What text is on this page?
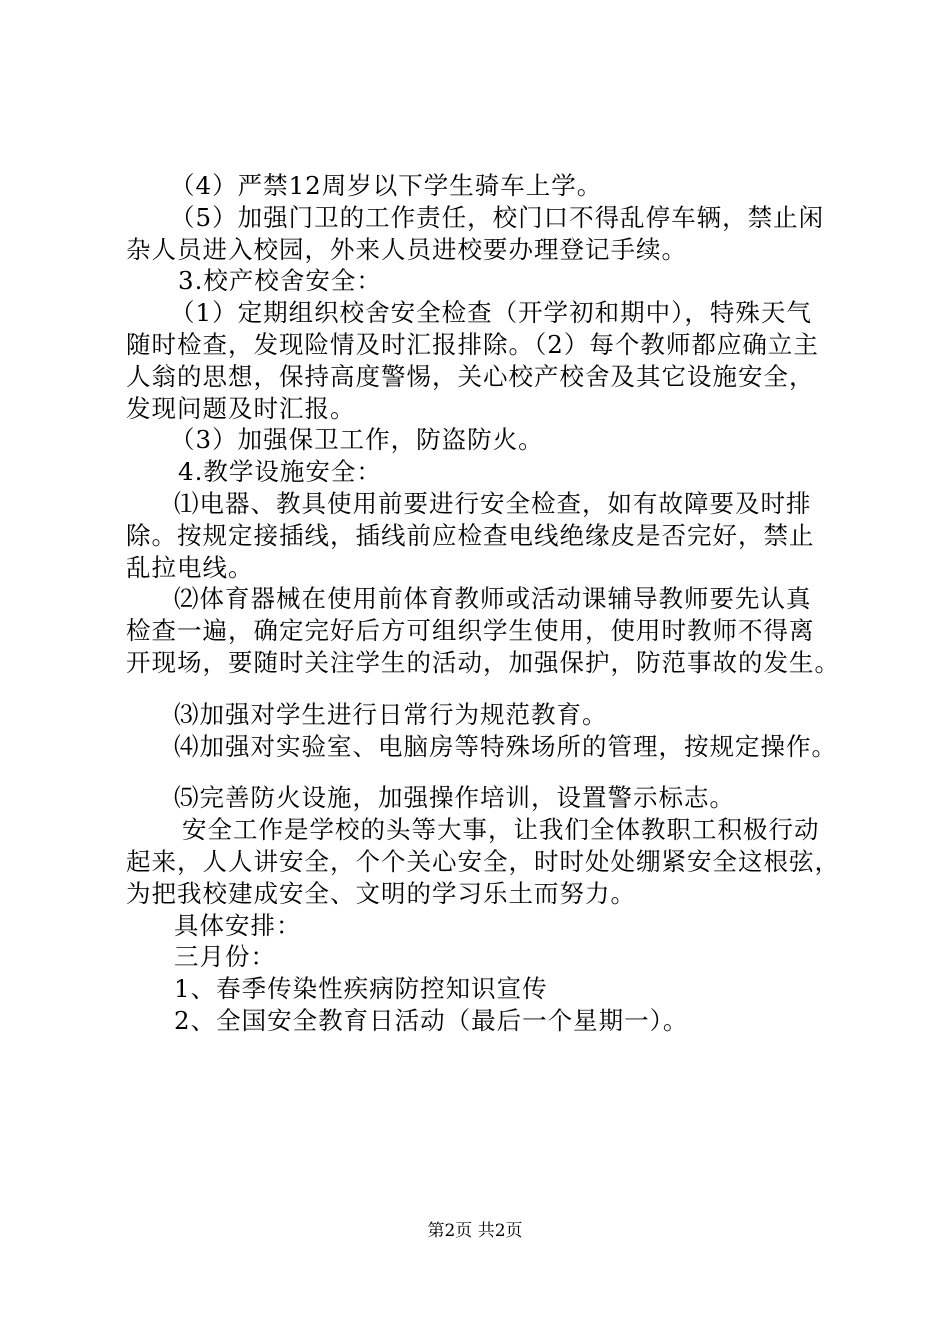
（4）严禁12周岁以下学生骑车上学。
（5）加强门卫的工作责任，校门口不得乱停车辆，禁止闲
杂人员进入校园，外来人员进校要办理登记手续。
3.校产校舍安全：
（1）定期组织校舍安全检查（开学初和期中），特殊天气
随时检查，发现险情及时汇报排除。（2）每个教师都应确立主
人翁的思想，保持高度警惕，关心校产校舍及其它设施安全，
发现问题及时汇报。
（3）加强保卫工作，防盗防火。
4.教学设施安全：
⑴电器、教具使用前要进行安全检查，如有故障要及时排
除。按规定接插线，插线前应检查电线绝缘皮是否完好，禁止
乱拉电线。
⑵体育器械在使用前体育教师或活动课辅导教师要先认真
检查一遍，确定完好后方可组织学生使用，使用时教师不得离
开现场，要随时关注学生的活动，加强保护，防范事故的发生。
⑶加强对学生进行日常行为规范教育。
⑷加强对实验室、电脑房等特殊场所的管理，按规定操作。
⑸完善防火设施，加强操作培训，设置警示标志。
安全工作是学校的头等大事，让我们全体教职工积极行动
起来，人人讲安全，个个关心安全，时时处处绷紧安全这根弦，
为把我校建成安全、文明的学习乐土而努力。
具体安排：
三月份：
1、春季传染性疾病防控知识宣传
2、全国安全教育日活动（最后一个星期一）。
第2页 共2页
